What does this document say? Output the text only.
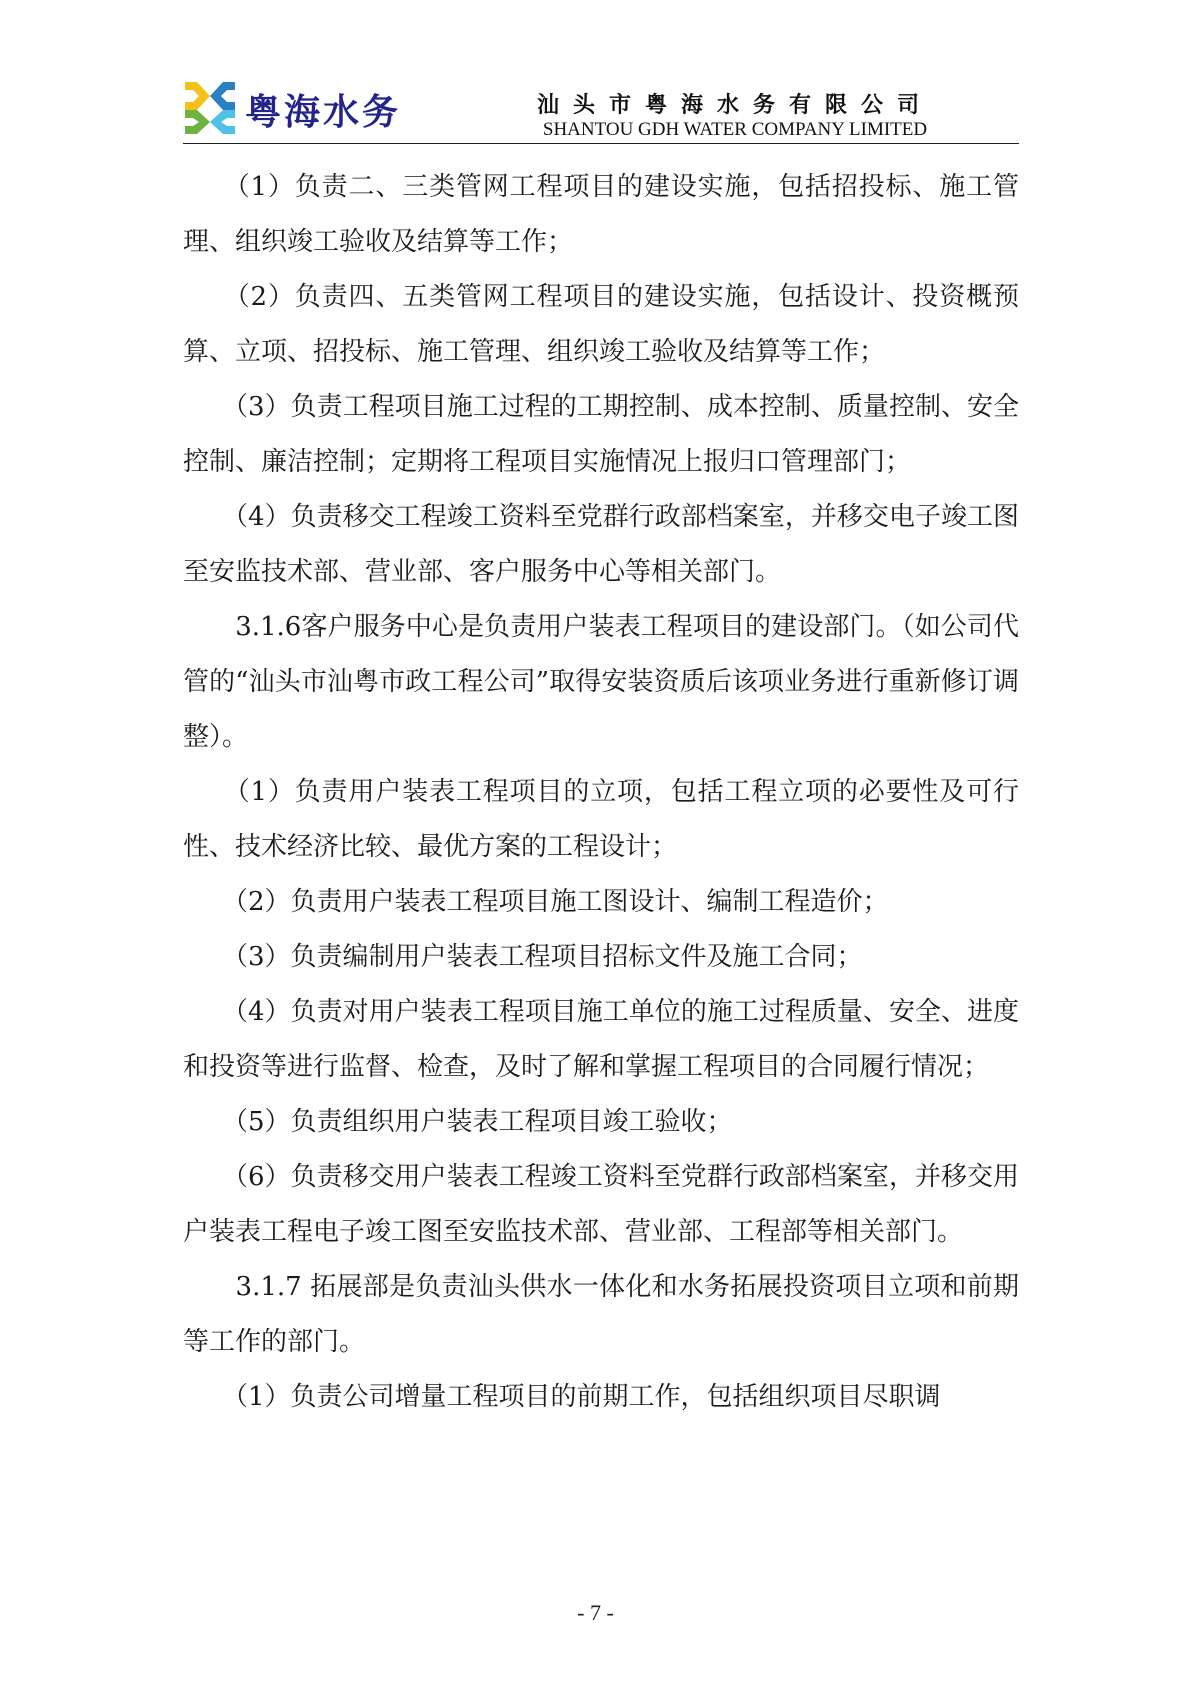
粤海水务	汕头市粤海水务有限公司
SHANTOU GDH WATER COMPANY LIMITED

　　（1）负责二、三类管网工程项目的建设实施，包括招投标、施工管理、组织竣工验收及结算等工作；

　　（2）负责四、五类管网工程项目的建设实施，包括设计、投资概预算、立项、招投标、施工管理、组织竣工验收及结算等工作；

　　（3）负责工程项目施工过程的工期控制、成本控制、质量控制、安全控制、廉洁控制；定期将工程项目实施情况上报归口管理部门；

　　（4）负责移交工程竣工资料至党群行政部档案室，并移交电子竣工图至安监技术部、营业部、客户服务中心等相关部门。

　　3.1.6客户服务中心是负责用户装表工程项目的建设部门。（如公司代管的“汕头市汕粤市政工程公司”取得安装资质后该项业务进行重新修订调整）。

　　（1）负责用户装表工程项目的立项，包括工程立项的必要性及可行性、技术经济比较、最优方案的工程设计；

　　（2）负责用户装表工程项目施工图设计、编制工程造价；

　　（3）负责编制用户装表工程项目招标文件及施工合同；

　　（4）负责对用户装表工程项目施工单位的施工过程质量、安全、进度和投资等进行监督、检查，及时了解和掌握工程项目的合同履行情况；

　　（5）负责组织用户装表工程项目竣工验收；

　　（6）负责移交用户装表工程竣工资料至党群行政部档案室，并移交用户装表工程电子竣工图至安监技术部、营业部、工程部等相关部门。

　　3.1.7 拓展部是负责汕头供水一体化和水务拓展投资项目立项和前期等工作的部门。

　　（1）负责公司增量工程项目的前期工作，包括组织项目尽职调

- 7 -
